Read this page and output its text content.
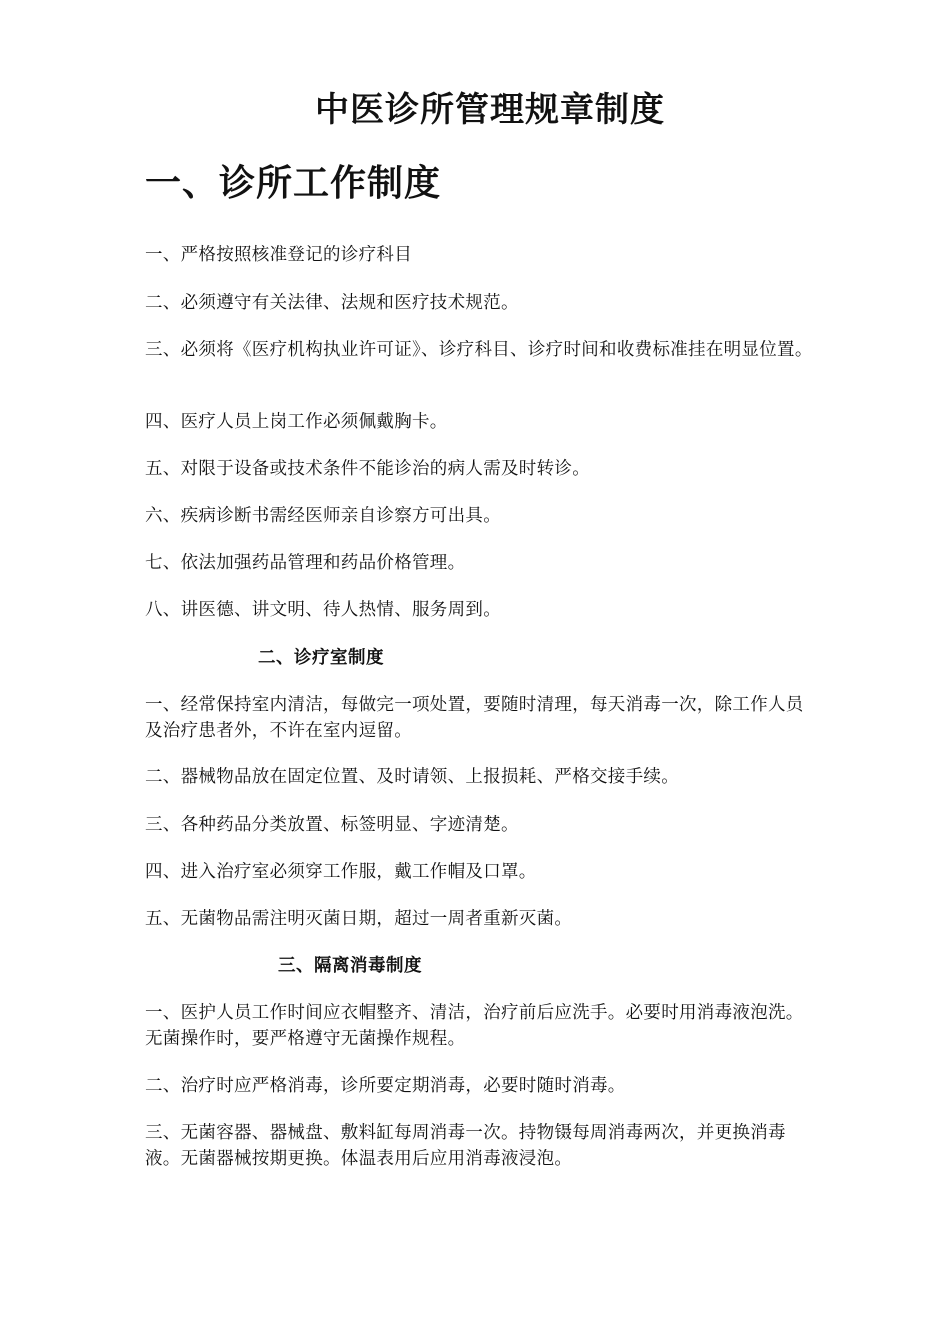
中医诊所管理规章制度
一、诊所工作制度

一、严格按照核准登记的诊疗科目

二、必须遵守有关法律、法规和医疗技术规范。

三、必须将《医疗机构执业许可证》、诊疗科目、诊疗时间和收费标准挂在明显位置。

四、医疗人员上岗工作必须佩戴胸卡。

五、对限于设备或技术条件不能诊治的病人需及时转诊。

六、疾病诊断书需经医师亲自诊察方可出具。

七、依法加强药品管理和药品价格管理。

八、讲医德、讲文明、待人热情、服务周到。

二、诊疗室制度

一、经常保持室内清洁，每做完一项处置，要随时清理，每天消毒一次，除工作人员及治疗患者外，不许在室内逗留。

二、器械物品放在固定位置、及时请领、上报损耗、严格交接手续。

三、各种药品分类放置、标签明显、字迹清楚。

四、进入治疗室必须穿工作服，戴工作帽及口罩。

五、无菌物品需注明灭菌日期，超过一周者重新灭菌。

三、隔离消毒制度

一、医护人员工作时间应衣帽整齐、清洁，治疗前后应洗手。必要时用消毒液泡洗。无菌操作时，要严格遵守无菌操作规程。

二、治疗时应严格消毒，诊所要定期消毒，必要时随时消毒。

三、无菌容器、器械盘、敷料缸每周消毒一次。持物镊每周消毒两次，并更换消毒液。无菌器械按期更换。体温表用后应用消毒液浸泡。
